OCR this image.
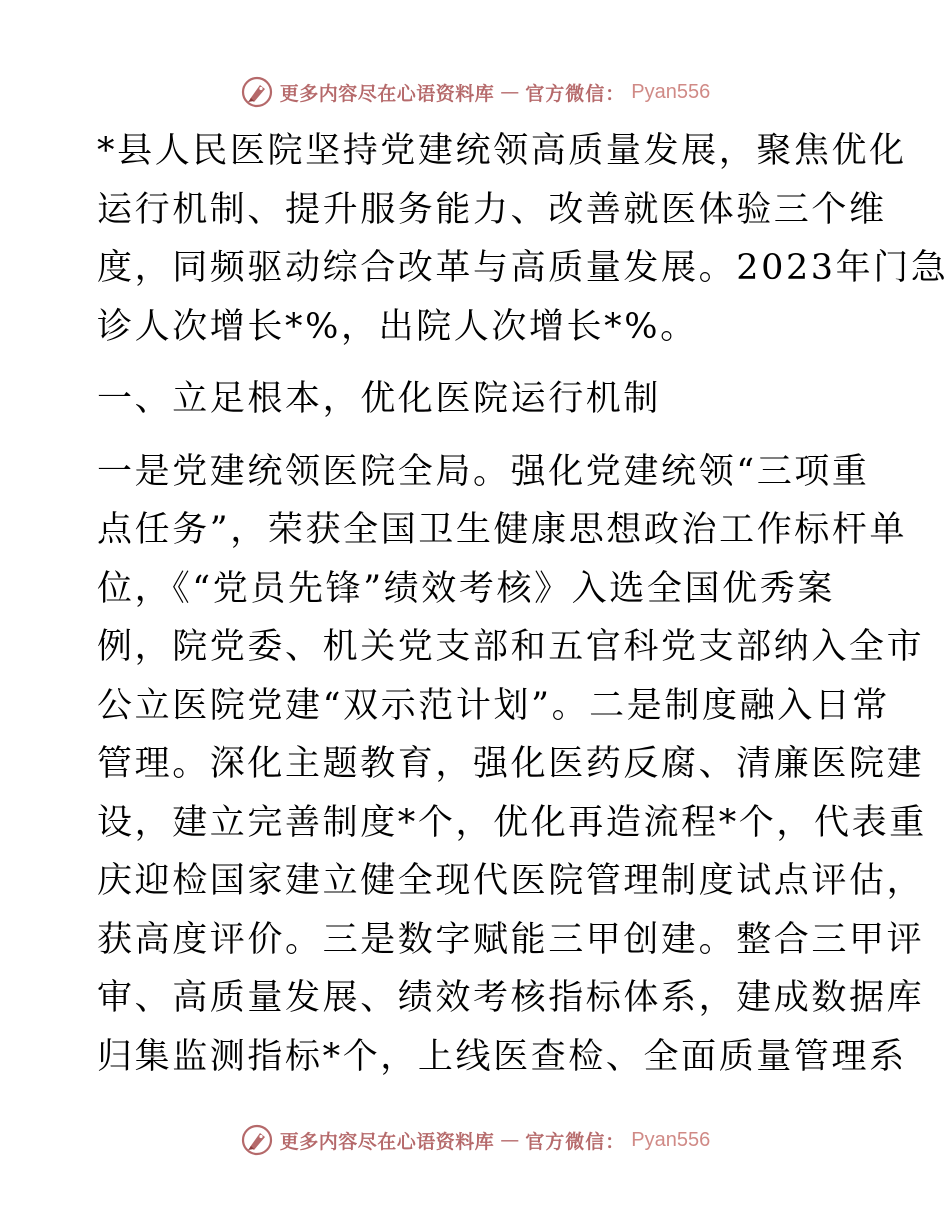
更多内容尽在心语资料库 — 官方微信： Pyan556
*县人民医院坚持党建统领高质量发展，聚焦优化
运行机制、提升服务能力、改善就医体验三个维
度，同频驱动综合改革与高质量发展。2023年门急
诊人次增长*%，出院人次增长*%。
一、立足根本，优化医院运行机制
一是党建统领医院全局。强化党建统领“三项重
点任务”，荣获全国卫生健康思想政治工作标杆单
位，《“党员先锋”绩效考核》入选全国优秀案
例，院党委、机关党支部和五官科党支部纳入全市
公立医院党建“双示范计划”。二是制度融入日常
管理。深化主题教育，强化医药反腐、清廉医院建
设，建立完善制度*个，优化再造流程*个，代表重
庆迎检国家建立健全现代医院管理制度试点评估，
获高度评价。三是数字赋能三甲创建。整合三甲评
审、高质量发展、绩效考核指标体系，建成数据库
归集监测指标*个，上线医查检、全面质量管理系
更多内容尽在心语资料库 — 官方微信： Pyan556
